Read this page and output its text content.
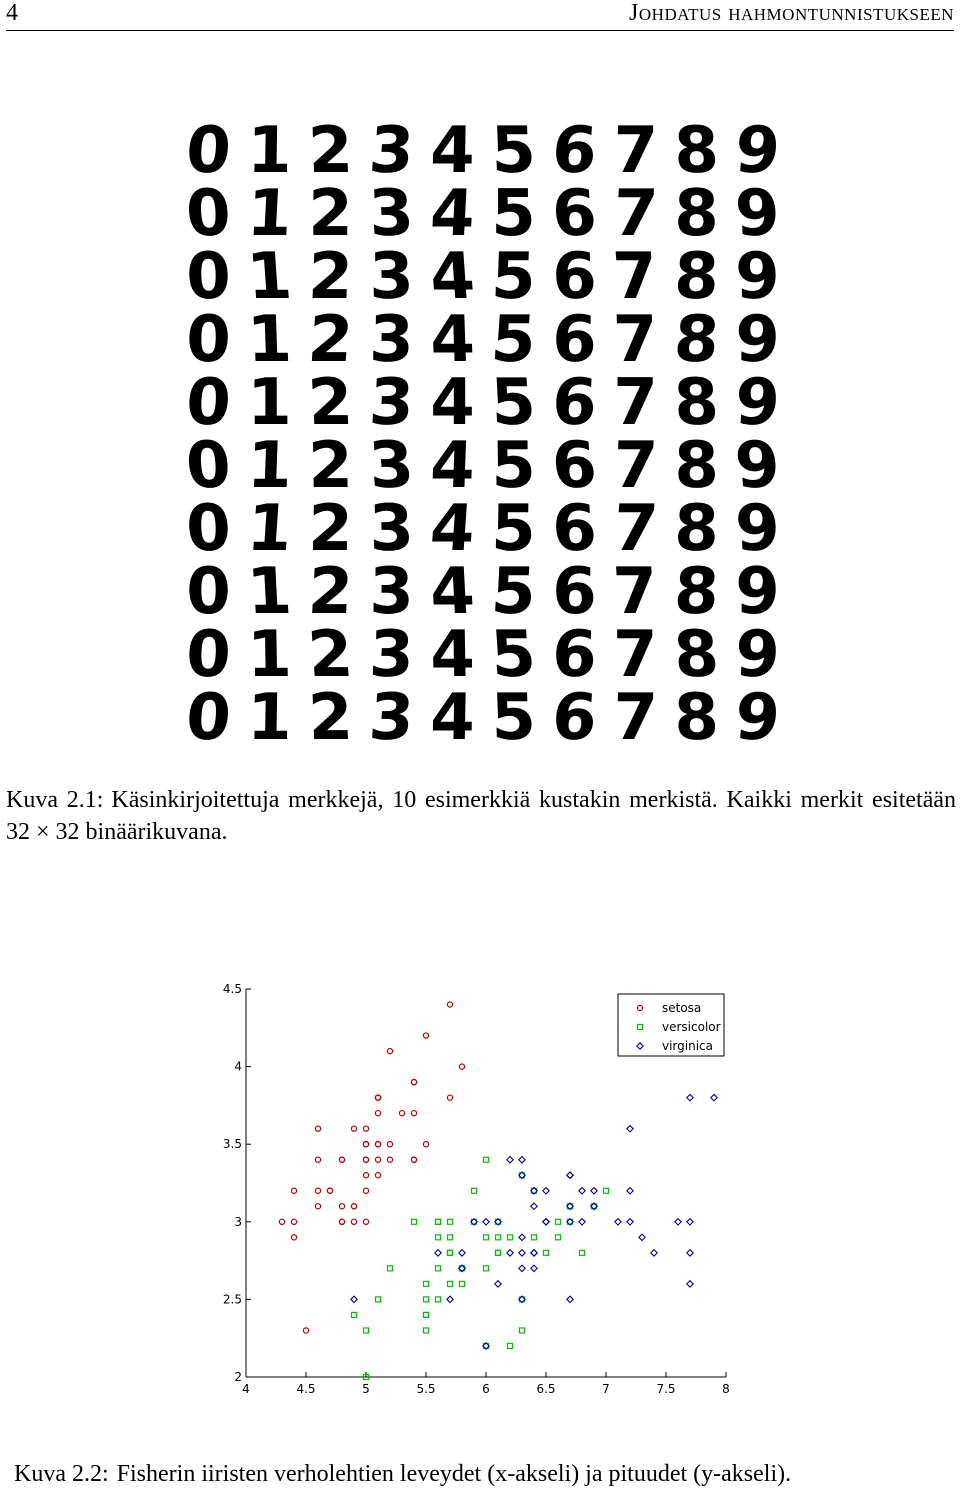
4	Johdatus hahmontunnistukseen
0 1 2 3 4 5 6 7 8 9
0 1 2 3 4 5 6 7 8 9
0 1 2 3 4 5 6 7 8 9
0 1 2 3 4 5 6 7 8 9
0 1 2 3 4 5 6 7 8 9
0 1 2 3 4 5 6 7 8 9
0 1 2 3 4 5 6 7 8 9
0 1 2 3 4 5 6 7 8 9
0 1 2 3 4 5 6 7 8 9
0 1 2 3 4 5 6 7 8 9
Kuva 2.1: Käsinkirjoitettuja merkkejä, 10 esimerkkiä kustakin merkistä. Kaikki merkit esitetään 32 × 32 binäärikuvana.
4	4.5	5	5.5	6	6.5	7	7.5	8
2
2.5
3
3.5
4
4.5
setosa
versicolor
virginica
Kuva 2.2: Fisherin iiristen verholehtien leveydet (x-akseli) ja pituudet (y-akseli).
